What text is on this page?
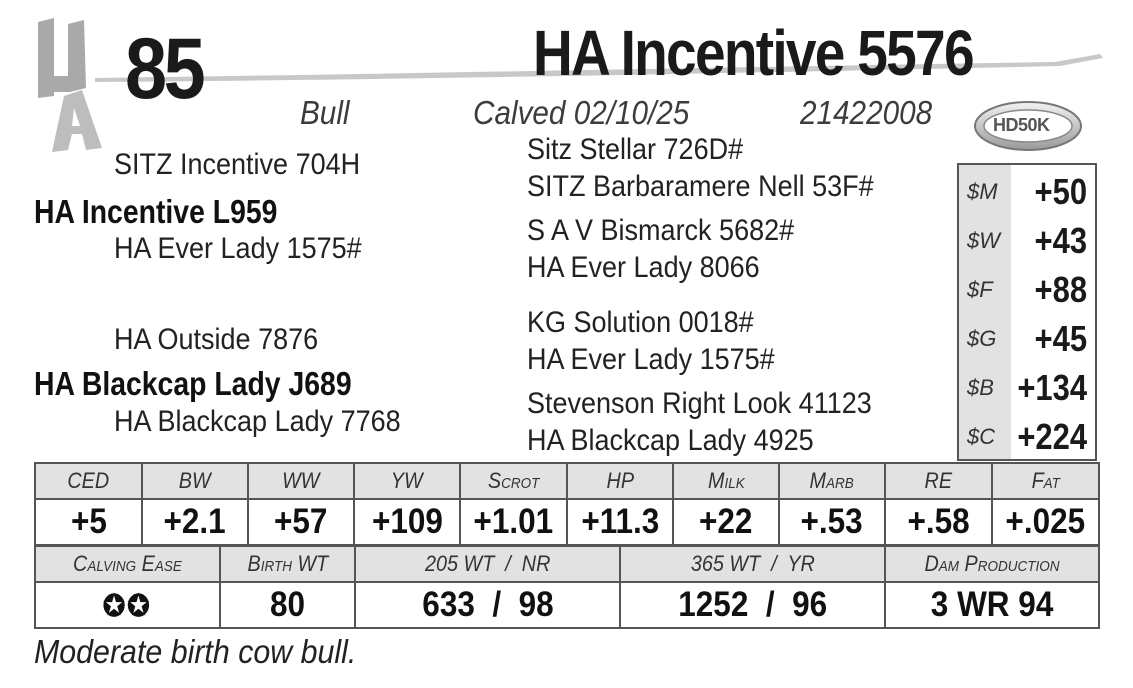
85	HA Incentive 5576
Bull	Calved 02/10/25	21422008	HD50K
SITZ Incentive 704H
HA Incentive L959
HA Ever Lady 1575#
HA Outside 7876
HA Blackcap Lady J689
HA Blackcap Lady 7768
Sitz Stellar 726D#
SITZ Barbaramere Nell 53F#
S A V Bismarck 5682#
HA Ever Lady 8066
KG Solution 0018#
HA Ever Lady 1575#
Stevenson Right Look 41123
HA Blackcap Lady 4925
$M +50
$W +43
$F +88
$G +45
$B +134
$C +224
CED	BW	WW	YW	Scrot	HP	Milk	Marb	RE	Fat
+5	+2.1	+57	+109	+1.01	+11.3	+22	+.53	+.58	+.025
Calving Ease	Birth WT	205 WT  /  NR	365 WT  /  YR	Dam Production
✪✪	80	633  /  98	1252  /  96	3 WR 94
Moderate birth cow bull.
